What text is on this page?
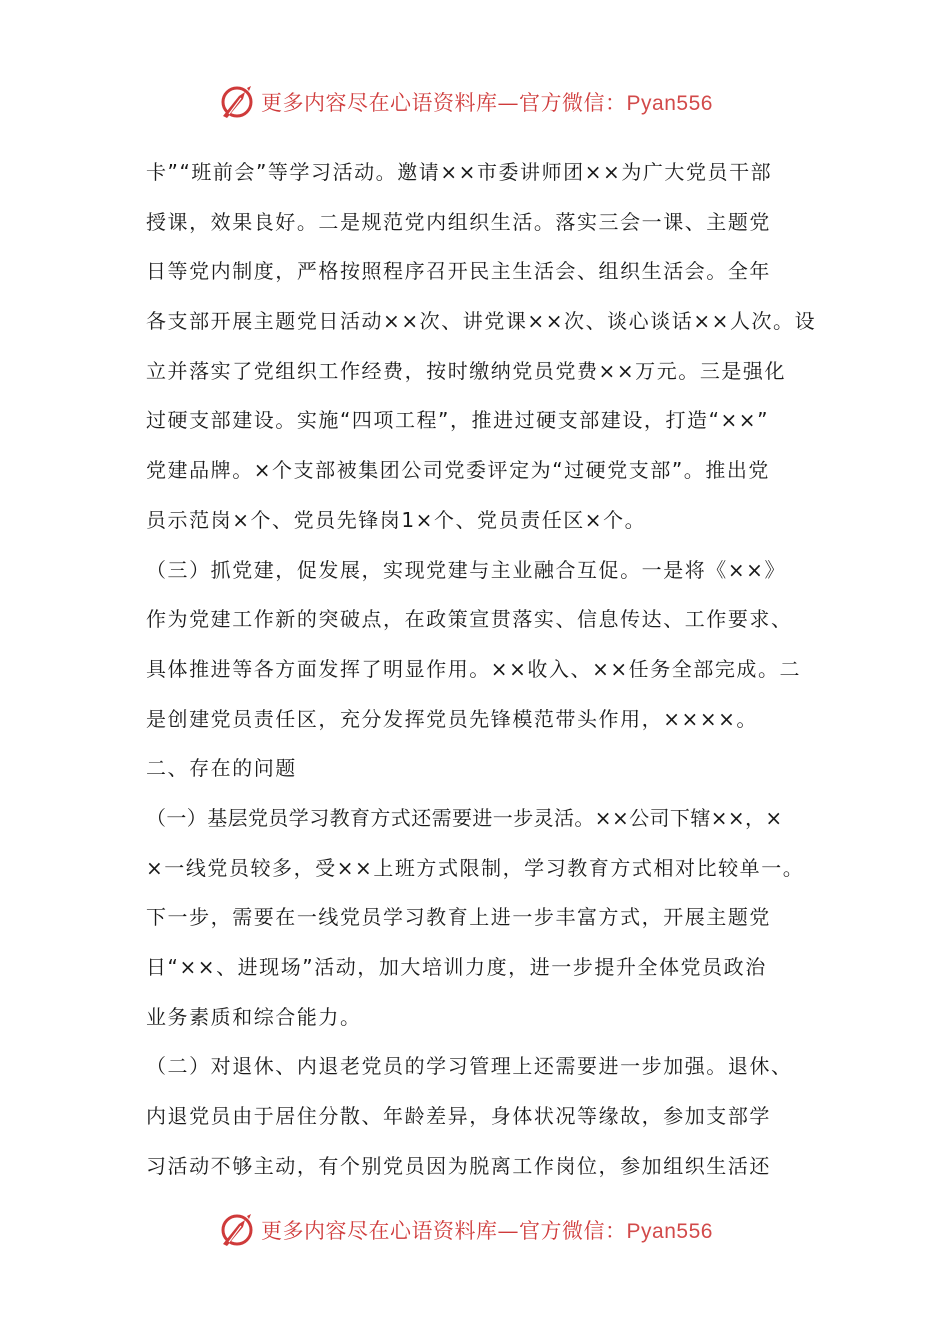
更多内容尽在心语资料库—官方微信：Pyan556
卡”“班前会”等学习活动。邀请××市委讲师团××为广大党员干部
授课，效果良好。二是规范党内组织生活。落实三会一课、主题党
日等党内制度，严格按照程序召开民主生活会、组织生活会。全年
各支部开展主题党日活动××次、讲党课××次、谈心谈话××人次。设
立并落实了党组织工作经费，按时缴纳党员党费××万元。三是强化
过硬支部建设。实施“四项工程”，推进过硬支部建设，打造“××”
党建品牌。×个支部被集团公司党委评定为“过硬党支部”。推出党
员示范岗×个、党员先锋岗1×个、党员责任区×个。
（三）抓党建，促发展，实现党建与主业融合互促。一是将《××》
作为党建工作新的突破点，在政策宣贯落实、信息传达、工作要求、
具体推进等各方面发挥了明显作用。××收入、××任务全部完成。二
是创建党员责任区，充分发挥党员先锋模范带头作用，××××。
二、存在的问题
（一）基层党员学习教育方式还需要进一步灵活。××公司下辖××，×
×一线党员较多，受××上班方式限制，学习教育方式相对比较单一。
下一步，需要在一线党员学习教育上进一步丰富方式，开展主题党
日“××、进现场”活动，加大培训力度，进一步提升全体党员政治
业务素质和综合能力。
（二）对退休、内退老党员的学习管理上还需要进一步加强。退休、
内退党员由于居住分散、年龄差异，身体状况等缘故，参加支部学
习活动不够主动，有个别党员因为脱离工作岗位，参加组织生活还
更多内容尽在心语资料库—官方微信：Pyan556
